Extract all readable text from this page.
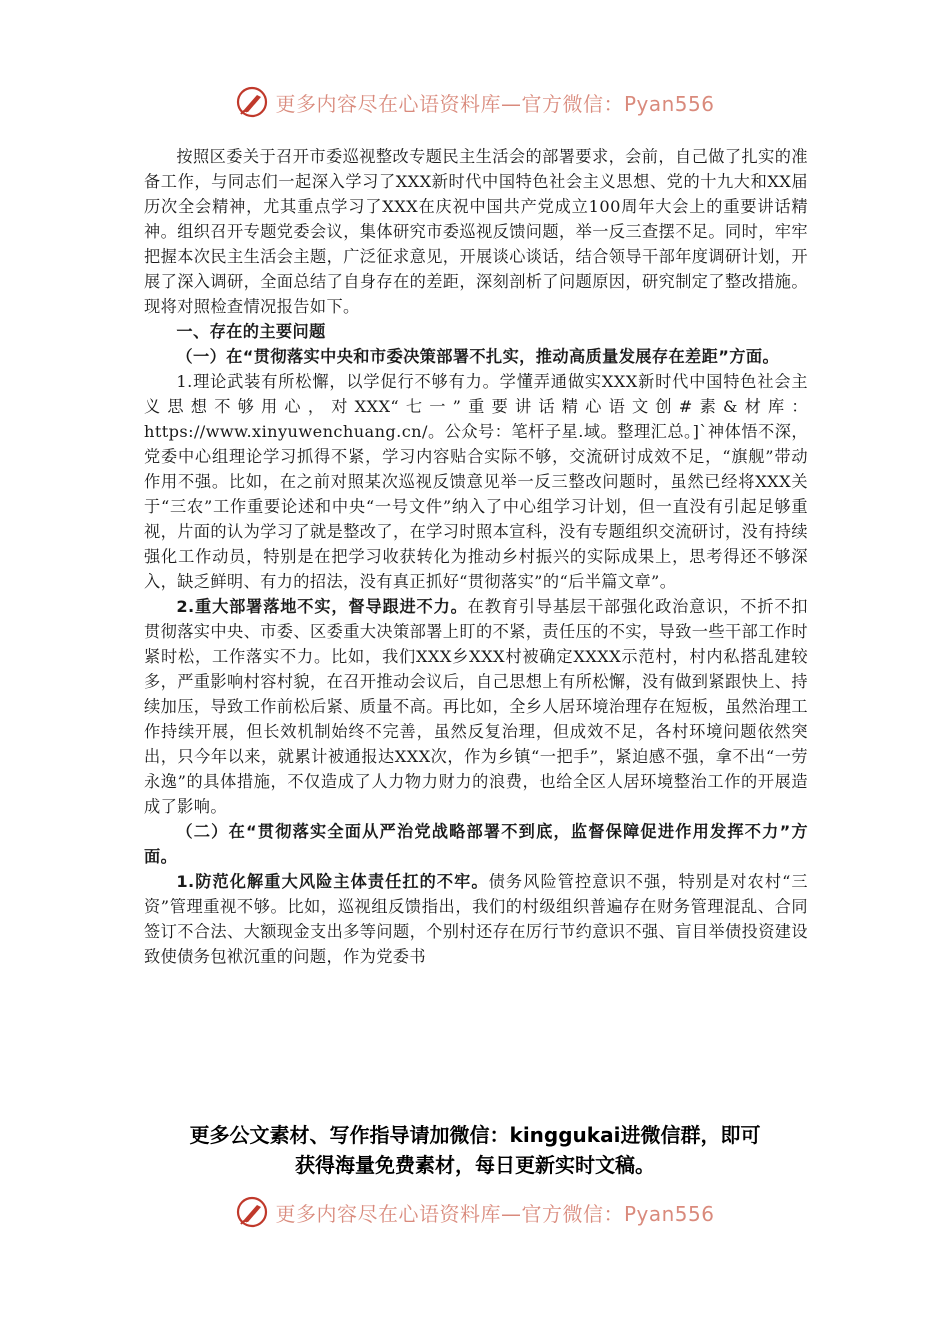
更多内容尽在心语资料库—官方微信：Pyan556

按照区委关于召开市委巡视整改专题民主生活会的部署要求，会前，自己做了扎实的准备工作，与同志们一起深入学习了XXX新时代中国特色社会主义思想、党的十九大和XX届历次全会精神，尤其重点学习了XXX在庆祝中国共产党成立100周年大会上的重要讲话精神。组织召开专题党委会议，集体研究市委巡视反馈问题，举一反三查摆不足。同时，牢牢把握本次民主生活会主题，广泛征求意见，开展谈心谈话，结合领导干部年度调研计划，开展了深入调研，全面总结了自身存在的差距，深刻剖析了问题原因，研究制定了整改措施。现将对照检查情况报告如下。

一、存在的主要问题

（一）在“贯彻落实中央和市委决策部署不扎实，推动高质量发展存在差距”方面。

1.理论武装有所松懈，以学促行不够有力。学懂弄通做实XXX新时代中国特色社会主义思想不够用心，对XXX“七一”重要讲话精心语文创#素&材库：https://www.xinyuwenchuang.cn/。公众号：笔杆子星.域。整理汇总。]`神体悟不深，党委中心组理论学习抓得不紧，学习内容贴合实际不够，交流研讨成效不足，“旗舰”带动作用不强。比如，在之前对照某次巡视反馈意见举一反三整改问题时，虽然已经将XXX关于“三农”工作重要论述和中央“一号文件”纳入了中心组学习计划，但一直没有引起足够重视，片面的认为学习了就是整改了，在学习时照本宣科，没有专题组织交流研讨，没有持续强化工作动员，特别是在把学习收获转化为推动乡村振兴的实际成果上，思考得还不够深入，缺乏鲜明、有力的招法，没有真正抓好“贯彻落实”的“后半篇文章”。

2.重大部署落地不实，督导跟进不力。在教育引导基层干部强化政治意识，不折不扣贯彻落实中央、市委、区委重大决策部署上盯的不紧，责任压的不实，导致一些干部工作时紧时松，工作落实不力。比如，我们XXX乡XXX村被确定XXXX示范村，村内私搭乱建较多，严重影响村容村貌，在召开推动会议后，自己思想上有所松懈，没有做到紧跟快上、持续加压，导致工作前松后紧、质量不高。再比如，全乡人居环境治理存在短板，虽然治理工作持续开展，但长效机制始终不完善，虽然反复治理，但成效不足，各村环境问题依然突出，只今年以来，就累计被通报达XXX次，作为乡镇“一把手”，紧迫感不强，拿不出“一劳永逸”的具体措施，不仅造成了人力物力财力的浪费，也给全区人居环境整治工作的开展造成了影响。

（二）在“贯彻落实全面从严治党战略部署不到底，监督保障促进作用发挥不力”方面。

1.防范化解重大风险主体责任扛的不牢。债务风险管控意识不强，特别是对农村“三资”管理重视不够。比如，巡视组反馈指出，我们的村级组织普遍存在财务管理混乱、合同签订不合法、大额现金支出多等问题，个别村还存在厉行节约意识不强、盲目举债投资建设致使债务包袱沉重的问题，作为党委书

更多公文素材、写作指导请加微信：kinggukai进微信群，即可
获得海量免费素材，每日更新实时文稿。
更多内容尽在心语资料库—官方微信：Pyan556
